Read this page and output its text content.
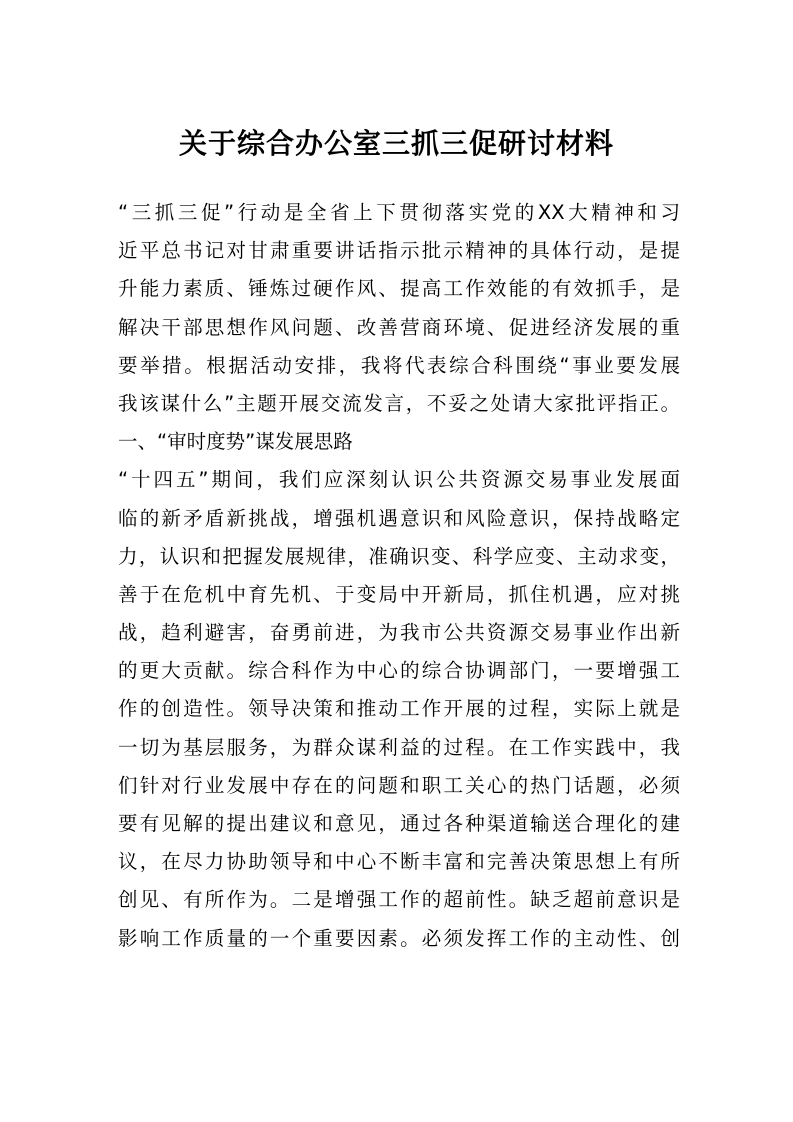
关于综合办公室三抓三促研讨材料
“三抓三促”行动是全省上下贯彻落实党的XX大精神和习
近平总书记对甘肃重要讲话指示批示精神的具体行动，是提
升能力素质、锤炼过硬作风、提高工作效能的有效抓手，是
解决干部思想作风问题、改善营商环境、促进经济发展的重
要举措。根据活动安排，我将代表综合科围绕“事业要发展
我该谋什么”主题开展交流发言，不妥之处请大家批评指正。
一、“审时度势”谋发展思路
“十四五”期间，我们应深刻认识公共资源交易事业发展面
临的新矛盾新挑战，增强机遇意识和风险意识，保持战略定
力，认识和把握发展规律，准确识变、科学应变、主动求变，
善于在危机中育先机、于变局中开新局，抓住机遇，应对挑
战，趋利避害，奋勇前进，为我市公共资源交易事业作出新
的更大贡献。综合科作为中心的综合协调部门，一要增强工
作的创造性。领导决策和推动工作开展的过程，实际上就是
一切为基层服务，为群众谋利益的过程。在工作实践中，我
们针对行业发展中存在的问题和职工关心的热门话题，必须
要有见解的提出建议和意见，通过各种渠道输送合理化的建
议，在尽力协助领导和中心不断丰富和完善决策思想上有所
创见、有所作为。二是增强工作的超前性。缺乏超前意识是
影响工作质量的一个重要因素。必须发挥工作的主动性、创
